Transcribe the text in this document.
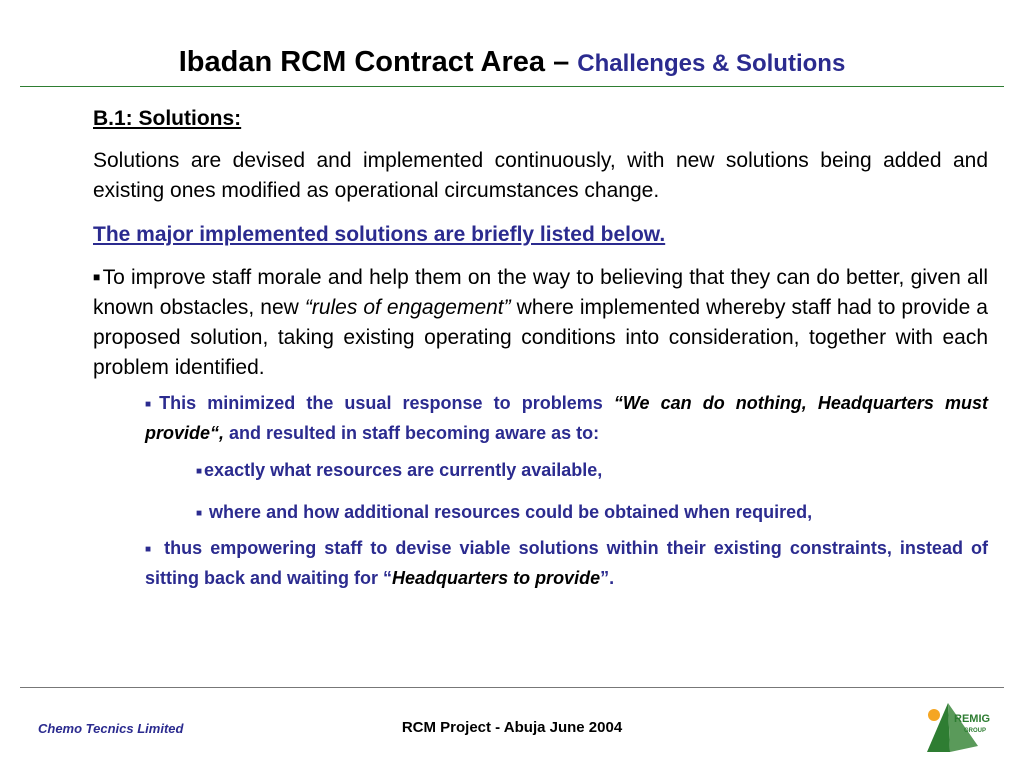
Ibadan RCM Contract Area – Challenges & Solutions

B.1: Solutions:

Solutions are devised and implemented continuously, with new solutions being added and existing ones modified as operational circumstances change.

The major implemented solutions are briefly listed below.

■To improve staff morale and help them on the way to believing that they can do better, given all known obstacles, new “rules of engagement” where implemented whereby staff had to provide a proposed solution, taking existing operating conditions into consideration, together with each problem identified.

■ This minimized the usual response to problems “We can do nothing, Headquarters must provide“, and resulted in staff becoming aware as to:

■ exactly what resources are currently available,

■ where and how additional resources could be obtained when required,

■ thus empowering staff to devise viable solutions within their existing constraints, instead of sitting back and waiting for “Headquarters to provide”.

Chemo Tecnics Limited	RCM Project - Abuja June 2004	REMIG
GROUP
